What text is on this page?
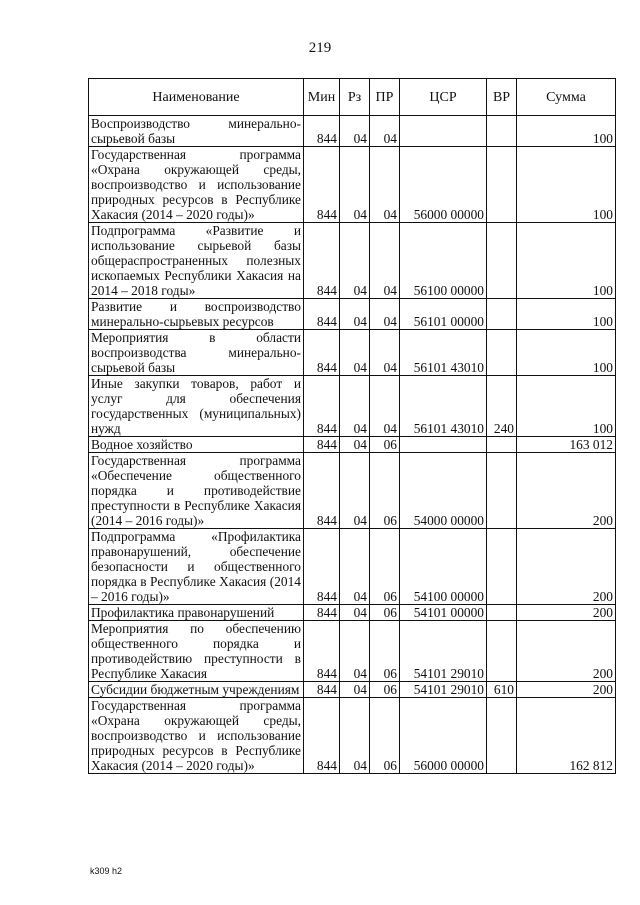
219
Наименование	Мин	Рз	ПР	ЦСР	ВР	Сумма
Воспроизводство минерально-сырьевой базы	844	04	04			100
Государственная программа «Охрана окружающей среды, воспроизводство и использование природных ресурсов в Республике Хакасия (2014 – 2020 годы)»	844	04	04	56000 00000		100
Подпрограмма «Развитие и использование сырьевой базы общераспространенных полезных ископаемых Республики Хакасия на 2014 – 2018 годы»	844	04	04	56100 00000		100
Развитие и воспроизводство минерально-сырьевых ресурсов	844	04	04	56101 00000		100
Мероприятия в области воспроизводства минерально-сырьевой базы	844	04	04	56101 43010		100
Иные закупки товаров, работ и услуг для обеспечения государственных (муниципальных) нужд	844	04	04	56101 43010	240	100
Водное хозяйство	844	04	06			163 012
Государственная программа «Обеспечение общественного порядка и противодействие преступности в Республике Хакасия (2014 – 2016 годы)»	844	04	06	54000 00000		200
Подпрограмма «Профилактика правонарушений, обеспечение безопасности и общественного порядка в Республике Хакасия (2014 – 2016 годы)»	844	04	06	54100 00000		200
Профилактика правонарушений	844	04	06	54101 00000		200
Мероприятия по обеспечению общественного порядка и противодействию преступности в Республике Хакасия	844	04	06	54101 29010		200
Субсидии бюджетным учреждениям	844	04	06	54101 29010	610	200
Государственная программа «Охрана окружающей среды, воспроизводство и использование природных ресурсов в Республике Хакасия (2014 – 2020 годы)»	844	04	06	56000 00000		162 812
k309 h2
